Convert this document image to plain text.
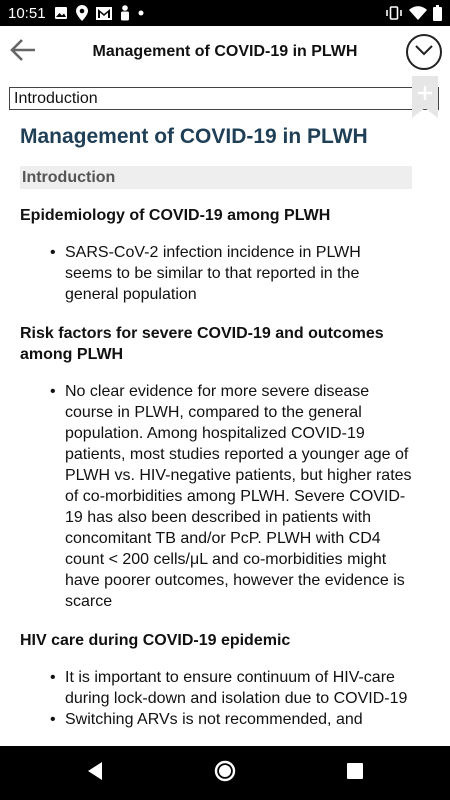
10:51
Management of COVID-19 in PLWH
Introduction
Management of COVID-19 in PLWH
Introduction
Epidemiology of COVID-19 among PLWH
• SARS-CoV-2 infection incidence in PLWH seems to be similar to that reported in the general population
Risk factors for severe COVID-19 and outcomes among PLWH
• No clear evidence for more severe disease course in PLWH, compared to the general population. Among hospitalized COVID-19 patients, most studies reported a younger age of PLWH vs. HIV-negative patients, but higher rates of co-morbidities among PLWH. Severe COVID-19 has also been described in patients with concomitant TB and/or PcP. PLWH with CD4 count < 200 cells/μL and co-morbidities might have poorer outcomes, however the evidence is scarce
HIV care during COVID-19 epidemic
• It is important to ensure continuum of HIV-care during lock-down and isolation due to COVID-19
• Switching ARVs is not recommended, and
